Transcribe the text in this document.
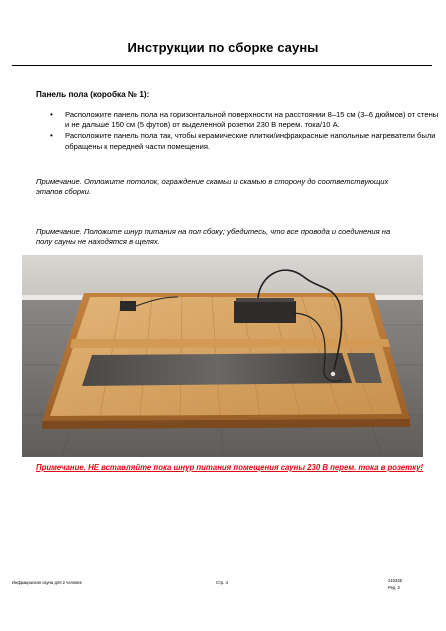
Инструкции по сборке сауны
Панель пола (коробка № 1):
• Расположите панель пола на горизонтальной поверхности на расстоянии 8–15 см (3–6 дюймов) от стены и не дальше 150 см (5 футов) от выделенной розетки 230 В перем. тока/10 А.
• Расположите панель пола так, чтобы керамические плитки/инфракрасные напольные нагреватели были обращены к передней части помещения.
Примечание. Отложите потолок, ограждение скамьи и скамью в сторону до соответствующих этапов сборки.
Примечание. Положите шнур питания на пол сбоку; убедитесь, что все провода и соединения на полу сауны не находятся в щелях.
Примечание. НЕ вставляйте пока шнур питания помещения сауны 230 В перем. тока в розетку!
Инфракрасная сауна для 2 человек	Стр. 4	210325
Ред. 2
